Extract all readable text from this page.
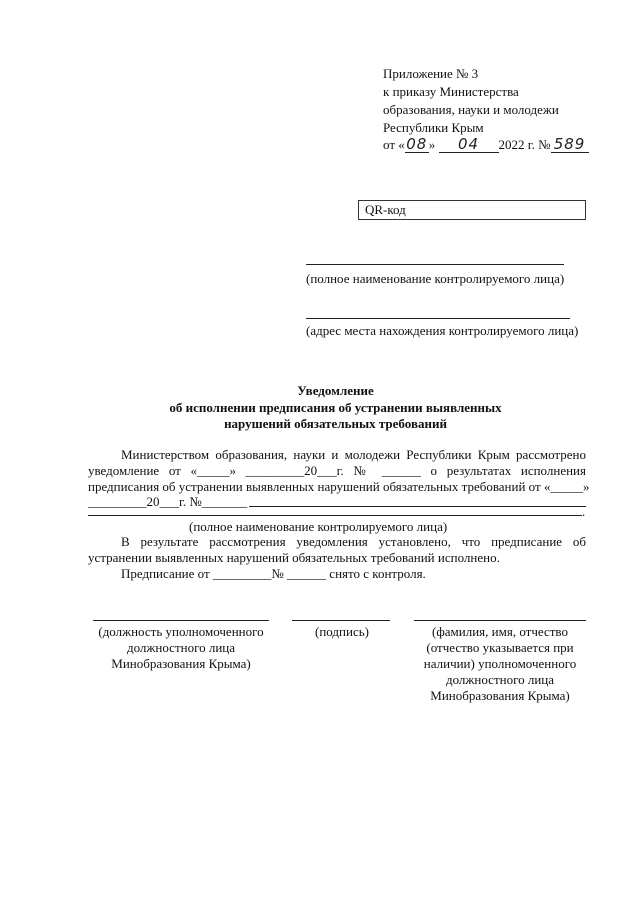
Приложение № 3
к приказу Министерства
образования, науки и молодежи
Республики Крым
от «08» 04 2022 г. № 589
QR-код
(полное наименование контролируемого лица)
(адрес места нахождения контролируемого лица)
Уведомление
об исполнении предписания об устранении выявленных
нарушений обязательных требований
Министерством образования, науки и молодежи Республики Крым рассмотрено
уведомление от «_____» _________20___г. № ______ о результатах исполнения
предписания об устранении выявленных нарушений обязательных требований от «_____»
_________20___г. №_______
.
(полное наименование контролируемого лица)
В результате рассмотрения уведомления установлено, что предписание об
устранении выявленных нарушений обязательных требований исполнено.
Предписание от _________№ ______ снято с контроля.
(должность уполномоченного должностного лица Минобразования Крыма)
(подпись)	(фамилия, имя, отчество (отчество указывается при наличии) уполномоченного должностного лица Минобразования Крыма)
